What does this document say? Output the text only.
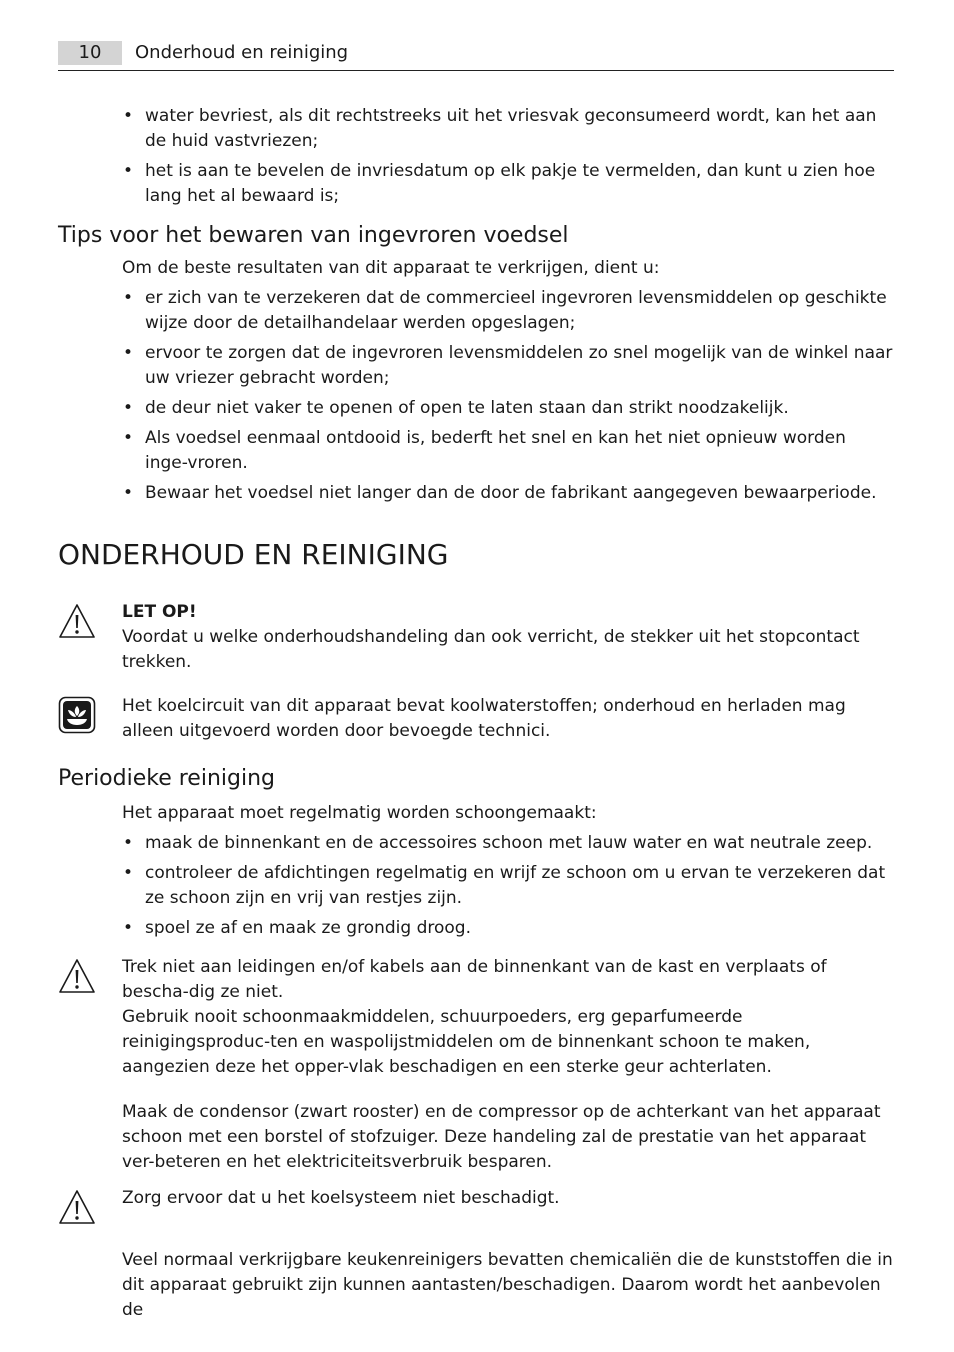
10	Onderhoud en reiniging
• water bevriest, als dit rechtstreeks uit het vriesvak geconsumeerd wordt, kan het aan de huid vastvriezen;
• het is aan te bevelen de invriesdatum op elk pakje te vermelden, dan kunt u zien hoe lang het al bewaard is;
Tips voor het bewaren van ingevroren voedsel
Om de beste resultaten van dit apparaat te verkrijgen, dient u:
• er zich van te verzekeren dat de commercieel ingevroren levensmiddelen op geschikte wijze door de detailhandelaar werden opgeslagen;
• ervoor te zorgen dat de ingevroren levensmiddelen zo snel mogelijk van de winkel naar uw vriezer gebracht worden;
• de deur niet vaker te openen of open te laten staan dan strikt noodzakelijk.
• Als voedsel eenmaal ontdooid is, bederft het snel en kan het niet opnieuw worden inge-vroren.
• Bewaar het voedsel niet langer dan de door de fabrikant aangegeven bewaarperiode.
ONDERHOUD EN REINIGING
LET OP!
Voordat u welke onderhoudshandeling dan ook verricht, de stekker uit het stopcontact trekken.
Het koelcircuit van dit apparaat bevat koolwaterstoffen; onderhoud en herladen mag alleen uitgevoerd worden door bevoegde technici.
Periodieke reiniging
Het apparaat moet regelmatig worden schoongemaakt:
• maak de binnenkant en de accessoires schoon met lauw water en wat neutrale zeep.
• controleer de afdichtingen regelmatig en wrijf ze schoon om u ervan te verzekeren dat ze schoon zijn en vrij van restjes zijn.
• spoel ze af en maak ze grondig droog.
Trek niet aan leidingen en/of kabels aan de binnenkant van de kast en verplaats of bescha-dig ze niet.
Gebruik nooit schoonmaakmiddelen, schuurpoeders, erg geparfumeerde reinigingsproduc-ten en waspolijstmiddelen om de binnenkant schoon te maken, aangezien deze het opper-vlak beschadigen en een sterke geur achterlaten.
Maak de condensor (zwart rooster) en de compressor op de achterkant van het apparaat schoon met een borstel of stofzuiger. Deze handeling zal de prestatie van het apparaat ver-beteren en het elektriciteitsverbruik besparen.
Zorg ervoor dat u het koelsysteem niet beschadigt.
Veel normaal verkrijgbare keukenreinigers bevatten chemicaliën die de kunststoffen die in dit apparaat gebruikt zijn kunnen aantasten/beschadigen. Daarom wordt het aanbevolen de
